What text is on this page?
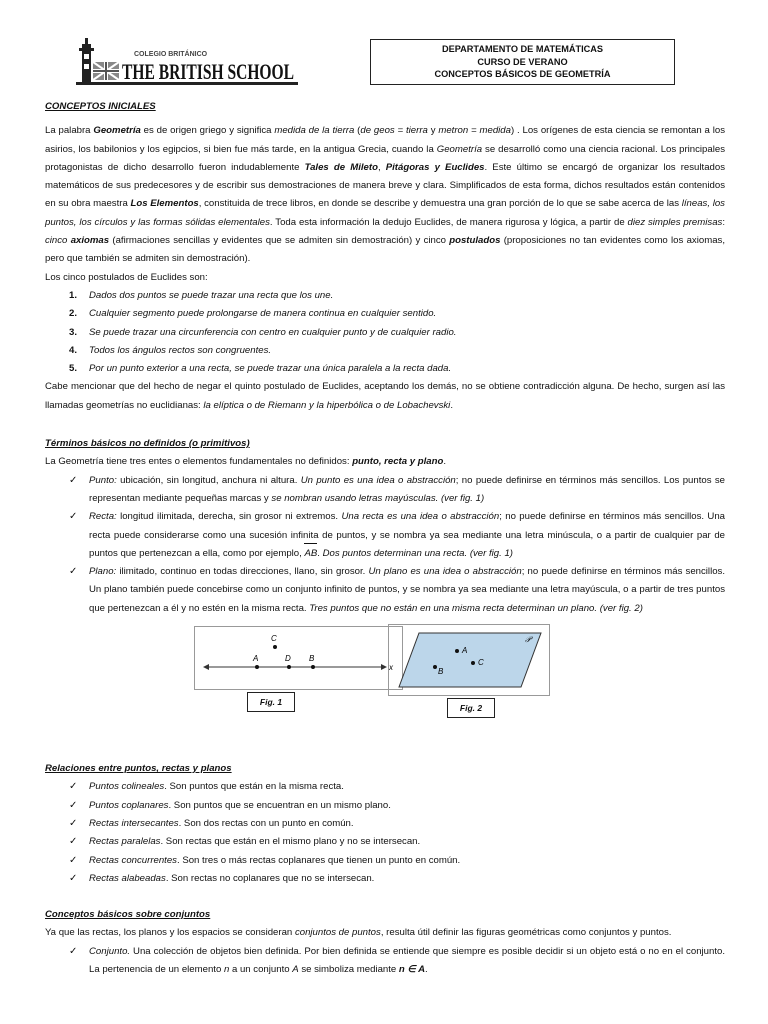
COLEGIO BRITÁNICO
THE BRITISH SCHOOL
DEPARTAMENTO DE MATEMÁTICAS
CURSO DE VERANO
CONCEPTOS BÁSICOS DE GEOMETRÍA

CONCEPTOS INICIALES

La palabra Geometría es de origen griego y significa medida de la tierra (de geos = tierra y metron = medida) . Los orígenes de esta ciencia se remontan a los asirios, los babilonios y los egipcios, si bien fue más tarde, en la antigua Grecia, cuando la Geometría se desarrolló como una ciencia racional. Los principales protagonistas de dicho desarrollo fueron indudablemente Tales de Mileto, Pitágoras y Euclides. Este último se encargó de organizar los resultados matemáticos de sus predecesores y de escribir sus demostraciones de manera breve y clara. Simplificados de esta forma, dichos resultados están contenidos en su obra maestra Los Elementos, constituida de trece libros, en donde se describe y demuestra una gran porción de lo que se sabe acerca de las líneas, los puntos, los círculos y las formas sólidas elementales. Toda esta información la dedujo Euclides, de manera rigurosa y lógica, a partir de diez simples premisas: cinco axiomas (afirmaciones sencillas y evidentes que se admiten sin demostración) y cinco postulados (proposiciones no tan evidentes como los axiomas, pero que también se admiten sin demostración).

Los cinco postulados de Euclides son:

1. Dados dos puntos se puede trazar una recta que los une.
2. Cualquier segmento puede prolongarse de manera continua en cualquier sentido.
3. Se puede trazar una circunferencia con centro en cualquier punto y de cualquier radio.
4. Todos los ángulos rectos son congruentes.
5. Por un punto exterior a una recta, se puede trazar una única paralela a la recta dada.

Cabe mencionar que del hecho de negar el quinto postulado de Euclides, aceptando los demás, no se obtiene contradicción alguna. De hecho, surgen así las llamadas geometrías no euclidianas: la elíptica o de Riemann y la hiperbólica o de Lobachevski.

Términos básicos no definidos (o primitivos)

La Geometría tiene tres entes o elementos fundamentales no definidos: punto, recta y plano.

✓ Punto: ubicación, sin longitud, anchura ni altura. Un punto es una idea o abstracción; no puede definirse en términos más sencillos. Los puntos se representan mediante pequeñas marcas y se nombran usando letras mayúsculas. (ver fig. 1)
✓ Recta: longitud ilimitada, derecha, sin grosor ni extremos. Una recta es una idea o abstracción; no puede definirse en términos más sencillos. Una recta puede considerarse como una sucesión infinita de puntos, y se nombra ya sea mediante una letra minúscula, o a partir de cualquier par de puntos que pertenezcan a ella, como por ejemplo, AB. Dos puntos determinan una recta. (ver fig. 1)
✓ Plano: ilimitado, continuo en todas direcciones, llano, sin grosor. Un plano es una idea o abstracción; no puede definirse en términos más sencillos. Un plano también puede concebirse como un conjunto infinito de puntos, y se nombra ya sea mediante una letra mayúscula, o a partir de tres puntos que pertenezcan a él y no estén en la misma recta. Tres puntos que no están en una misma recta determinan un plano. (ver fig. 2)
A	D B
C
x
Fig. 1
A
C
B
𝒫
Fig. 2

Relaciones entre puntos, rectas y planos

✓ Puntos colineales. Son puntos que están en la misma recta.
✓ Puntos coplanares. Son puntos que se encuentran en un mismo plano.
✓ Rectas intersecantes. Son dos rectas con un punto en común.
✓ Rectas paralelas. Son rectas que están en el mismo plano y no se intersecan.
✓ Rectas concurrentes. Son tres o más rectas coplanares que tienen un punto en común.
✓ Rectas alabeadas. Son rectas no coplanares que no se intersecan.

Conceptos básicos sobre conjuntos

Ya que las rectas, los planos y los espacios se consideran conjuntos de puntos, resulta útil definir las figuras geométricas como conjuntos y puntos.

✓ Conjunto. Una colección de objetos bien definida. Por bien definida se entiende que siempre es posible decidir si un objeto está o no en el conjunto. La pertenencia de un elemento n a un conjunto A se simboliza mediante n ∈ A.
